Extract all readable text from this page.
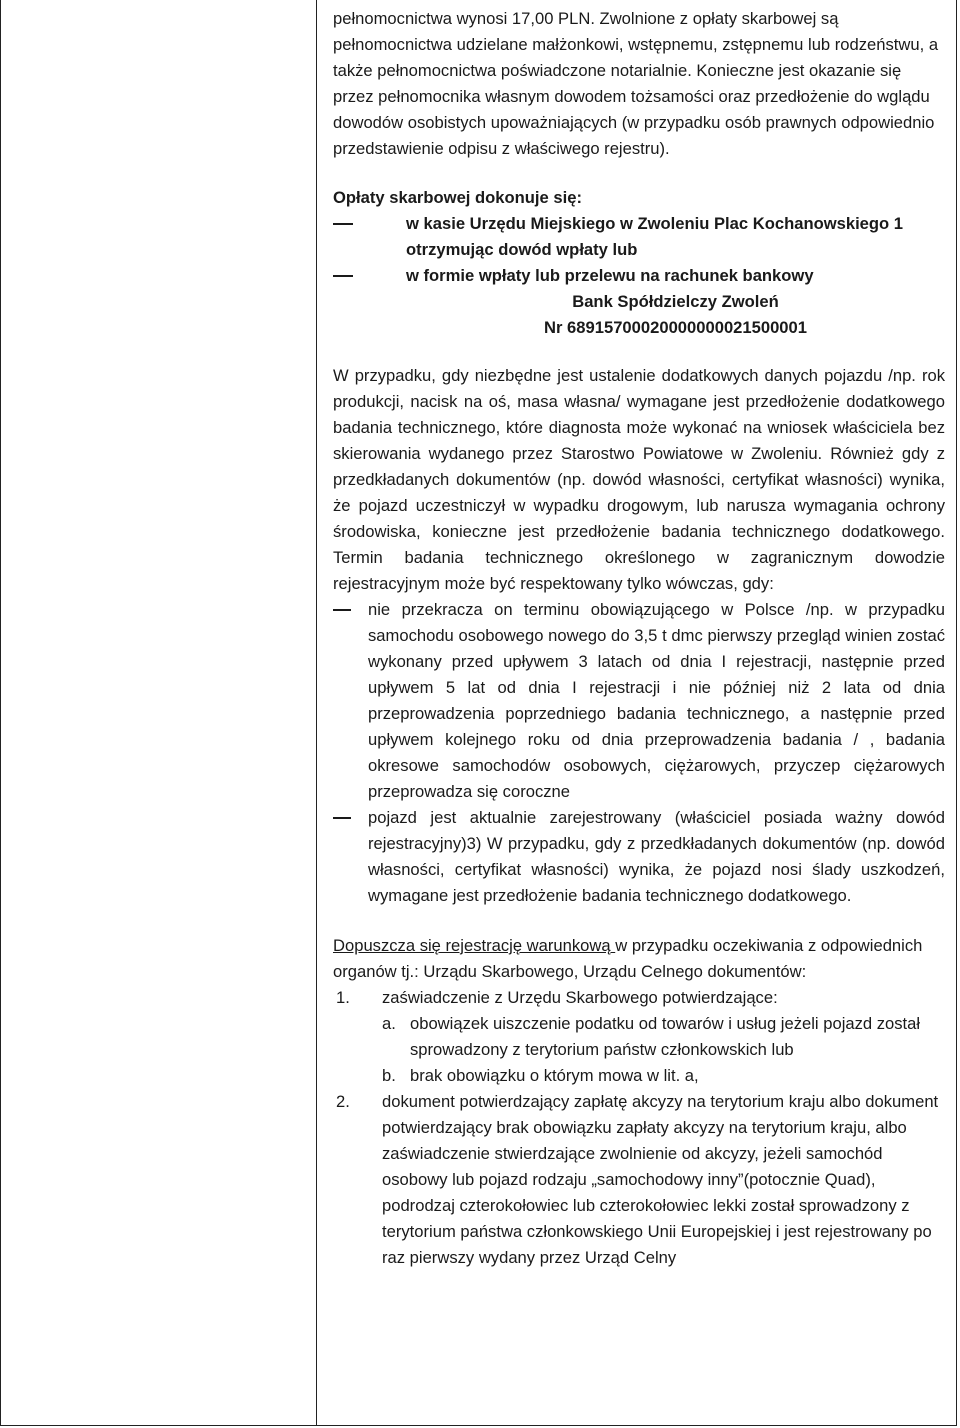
pełnomocnictwa wynosi 17,00 PLN. Zwolnione z opłaty skarbowej są pełnomocnictwa udzielane małżonkowi, wstępnemu, zstępnemu lub rodzeństwu, a także pełnomocnictwa poświadczone notarialnie. Konieczne jest okazanie się przez pełnomocnika własnym dowodem tożsamości oraz przedłożenie do wglądu dowodów osobistych upoważniających (w przypadku osób prawnych odpowiednio przedstawienie odpisu z właściwego rejestru).

Opłaty skarbowej dokonuje się:

w kasie Urzędu Miejskiego w Zwoleniu Plac Kochanowskiego 1 otrzymując dowód wpłaty lub
w formie wpłaty lub przelewu na rachunek bankowy

Bank Spółdzielczy Zwoleń

Nr 68915700020000000021500001

W przypadku, gdy niezbędne jest ustalenie dodatkowych danych pojazdu /np. rok produkcji, nacisk na oś, masa własna/ wymagane jest przedłożenie dodatkowego badania technicznego, które diagnosta może wykonać na wniosek właściciela bez skierowania wydanego przez Starostwo Powiatowe w Zwoleniu. Również gdy z przedkładanych dokumentów (np. dowód własności, certyfikat własności) wynika, że pojazd uczestniczył w wypadku drogowym, lub narusza wymagania ochrony środowiska, konieczne jest przedłożenie badania technicznego dodatkowego. Termin badania technicznego określonego w zagranicznym dowodzie rejestracyjnym może być respektowany tylko wówczas, gdy:

nie przekracza on terminu obowiązującego w Polsce /np. w przypadku samochodu osobowego nowego do 3,5 t dmc pierwszy przegląd winien zostać wykonany przed upływem 3 latach od dnia I rejestracji, następnie przed upływem 5 lat od dnia I rejestracji i nie później niż 2 lata od dnia przeprowadzenia poprzedniego badania technicznego, a następnie przed upływem kolejnego roku od dnia przeprowadzenia badania / , badania okresowe samochodów osobowych, ciężarowych, przyczep ciężarowych przeprowadza się coroczne
pojazd jest aktualnie zarejestrowany (właściciel posiada ważny dowód rejestracyjny)3) W przypadku, gdy z przedkładanych dokumentów (np. dowód własności, certyfikat własności) wynika, że pojazd nosi ślady uszkodzeń, wymagane jest przedłożenie badania technicznego dodatkowego.

Dopuszcza się rejestrację warunkową w przypadku oczekiwania z odpowiednich organów tj.: Urządu Skarbowego, Urządu Celnego dokumentów:

1. zaświadczenie z Urzędu Skarbowego potwierdzające:
a. obowiązek uiszczenie podatku od towarów i usług jeżeli pojazd został sprowadzony z terytorium państw członkowskich lub
b. brak obowiązku o którym mowa w lit. a,
2. dokument potwierdzający zapłatę akcyzy na terytorium kraju albo dokument potwierdzający brak obowiązku zapłaty akcyzy na terytorium kraju, albo zaświadczenie stwierdzające zwolnienie od akcyzy, jeżeli samochód osobowy lub pojazd rodzaju „samochodowy inny”(potocznie Quad), podrodzaj czterokołowiec lub czterokołowiec lekki został sprowadzony z terytorium państwa członkowskiego Unii Europejskiej i jest rejestrowany po raz pierwszy wydany przez Urząd Celny
